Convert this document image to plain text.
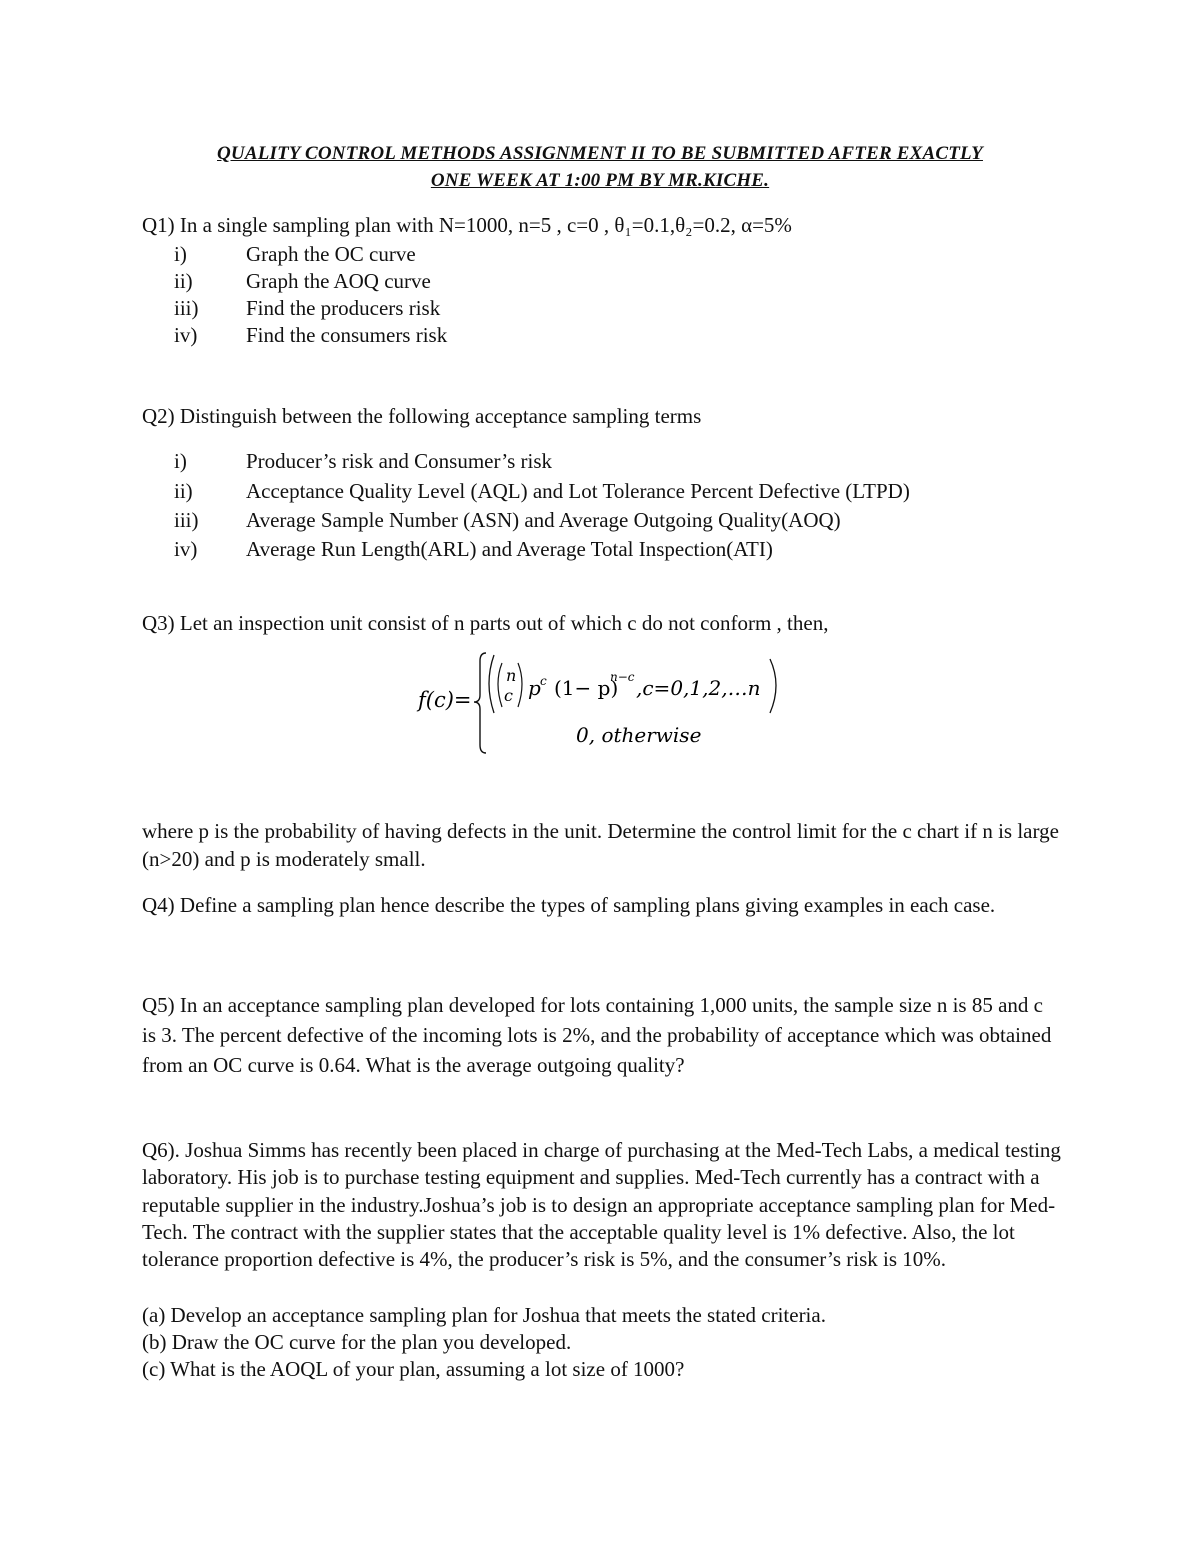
QUALITY CONTROL METHODS ASSIGNMENT II TO BE SUBMITTED AFTER EXACTLY
ONE WEEK AT 1:00 PM BY MR.KICHE.
Q1) In a single sampling plan with N=1000, n=5 , c=0 , θ₁=0.1,θ₂=0.2, α=5%
i)	Graph the OC curve
ii)	Graph the AOQ curve
iii) Find the producers risk
iv) Find the consumers risk
Q2) Distinguish between the following acceptance sampling terms
i)	Producer’s risk and Consumer’s risk
ii)	Acceptance Quality Level (AQL) and Lot Tolerance Percent Defective (LTPD)
iii) Average Sample Number (ASN) and Average Outgoing Quality(AOQ)
iv) Average Run Length(ARL) and Average Total Inspection(ATI)
Q3) Let an inspection unit consist of n parts out of which c do not conform , then,
f(c)=
n
c p c (1− p)
n−c ,c=0,1,2,…n
0, otherwise
where p is the probability of having defects in the unit. Determine the control limit for the c chart if n is large (n>20) and p is moderately small.
Q4) Define a sampling plan hence describe the types of sampling plans giving examples in each case.
Q5) In an acceptance sampling plan developed for lots containing 1,000 units, the sample size n is 85 and c is 3. The percent defective of the incoming lots is 2%, and the probability of acceptance which was obtained from an OC curve is 0.64. What is the average outgoing quality?
Q6). Joshua Simms has recently been placed in charge of purchasing at the Med-Tech Labs, a medical testing laboratory. His job is to purchase testing equipment and supplies. Med-Tech currently has a contract with a reputable supplier in the industry.Joshua’s job is to design an appropriate acceptance sampling plan for Med-Tech. The contract with the supplier states that the acceptable quality level is 1% defective. Also, the lot tolerance proportion defective is 4%, the producer’s risk is 5%, and the consumer’s risk is 10%.
(a) Develop an acceptance sampling plan for Joshua that meets the stated criteria.
(b) Draw the OC curve for the plan you developed.
(c) What is the AOQL of your plan, assuming a lot size of 1000?
